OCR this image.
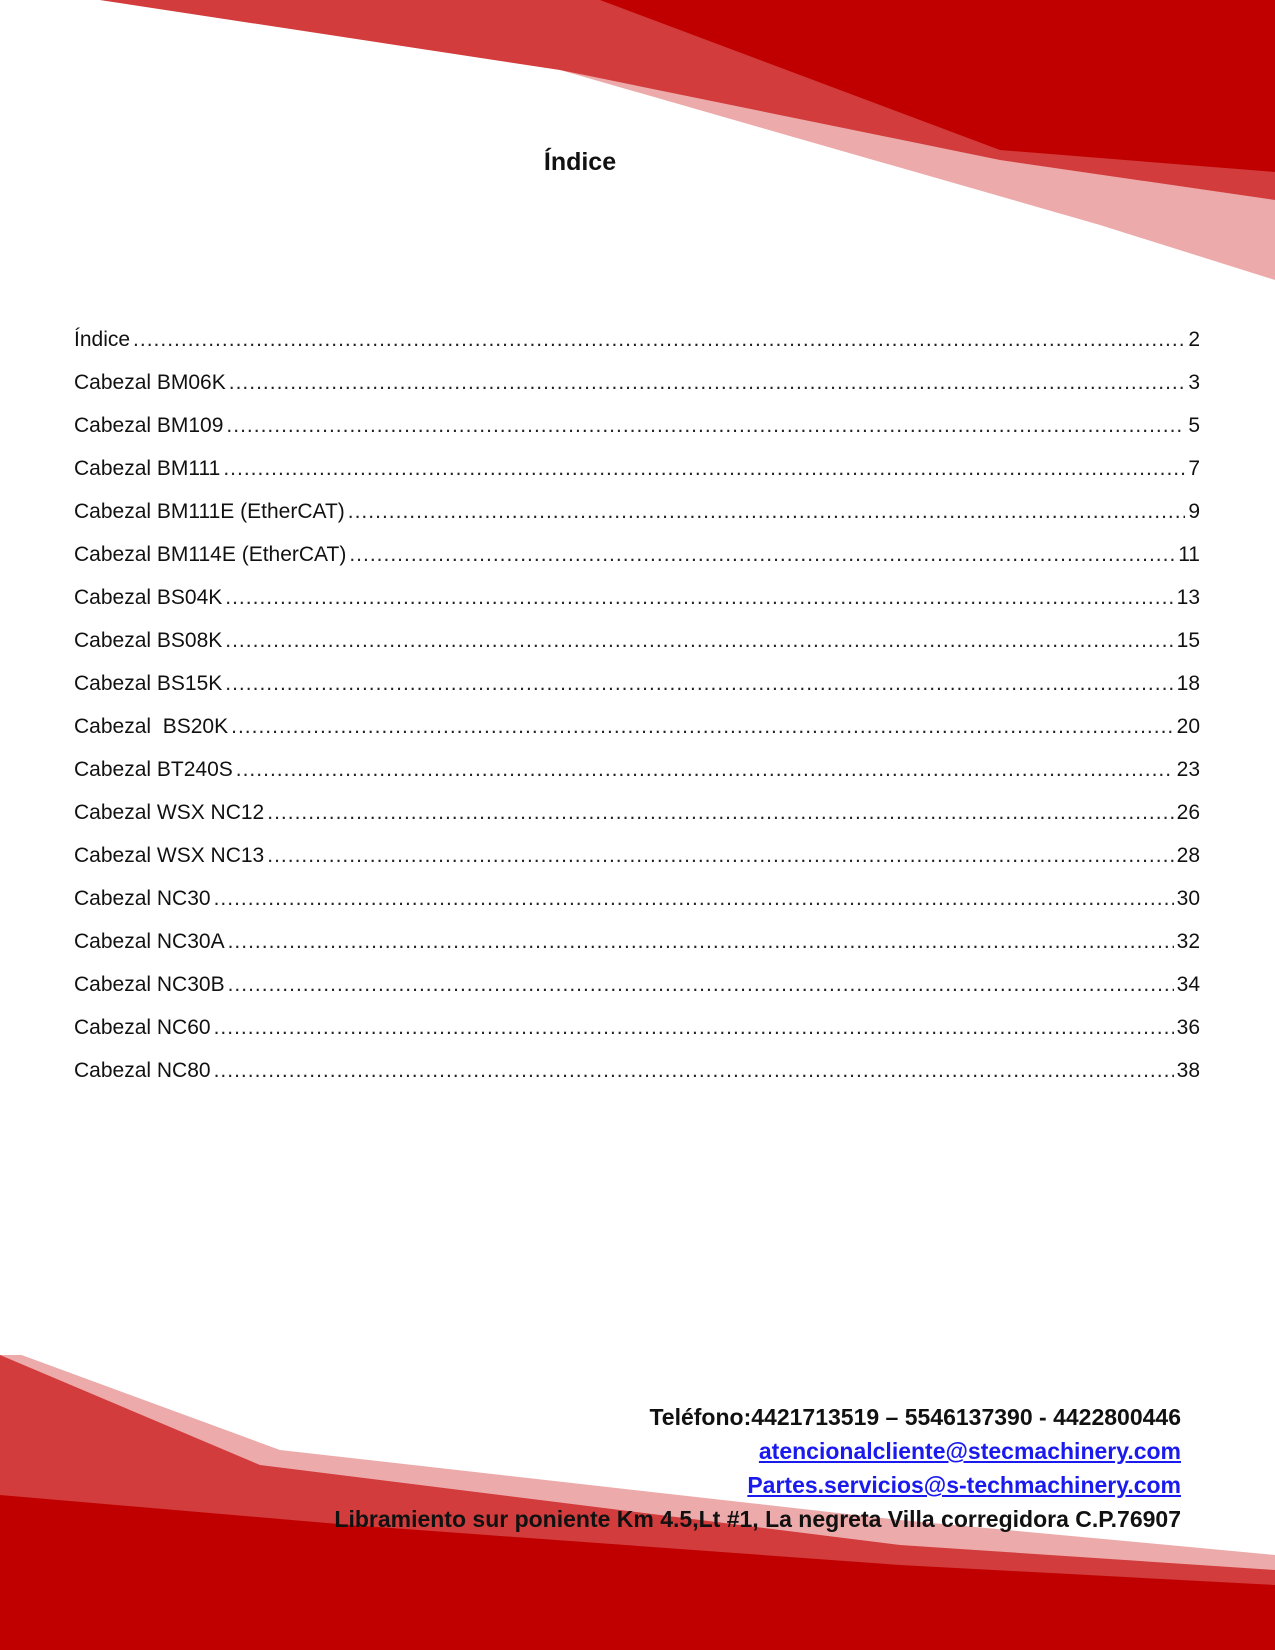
Índice
Índice .....	2
Cabezal BM06K .....	3
Cabezal BM109 .....	5
Cabezal BM111 .....	7
Cabezal BM111E (EtherCAT) .....	9
Cabezal BM114E (EtherCAT) .....	11
Cabezal BS04K .....	13
Cabezal BS08K .....	15
Cabezal BS15K .....	18
Cabezal  BS20K .....	20
Cabezal BT240S .....	23
Cabezal WSX NC12 .....	26
Cabezal WSX NC13 .....	28
Cabezal NC30 .....	30
Cabezal NC30A .....	32
Cabezal NC30B .....	34
Cabezal NC60 .....	36
Cabezal NC80 .....	38
Teléfono:4421713519 – 5546137390 - 4422800446
atencionalcliente@stecmachinery.com
Partes.servicios@s-techmachinery.com
Libramiento sur poniente Km 4.5,Lt #1, La negreta Villa corregidora C.P.76907
